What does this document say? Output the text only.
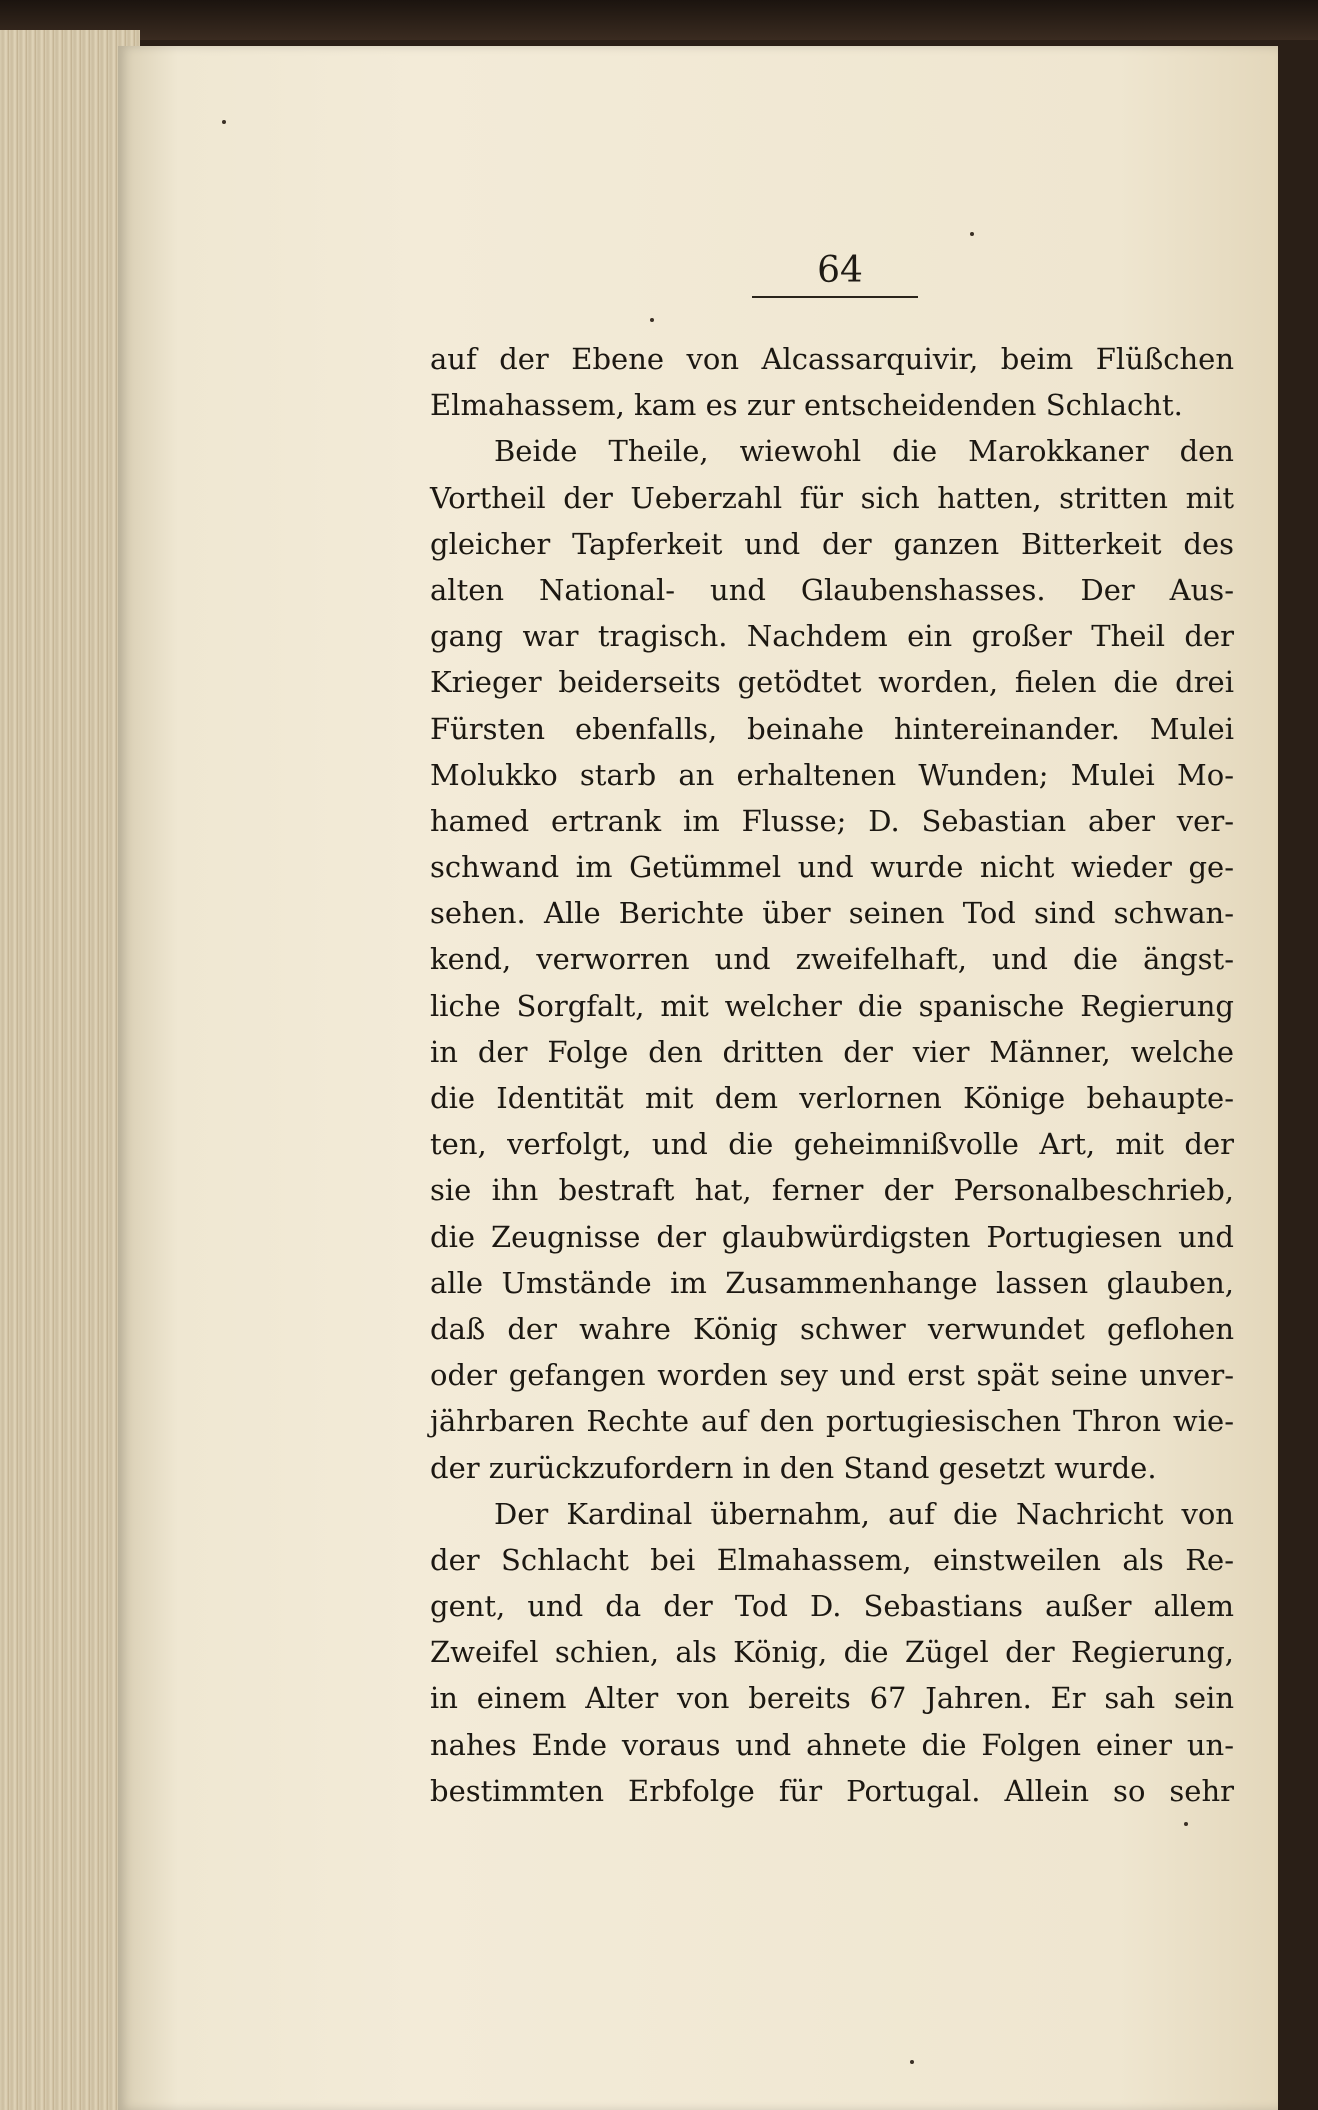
64
auf der Ebene von Alcassarquivir, beim Flüßchen
Elmahassem, kam es zur entscheidenden Schlacht.
Beide Theile, wiewohl die Marokkaner den
Vortheil der Ueberzahl für sich hatten, stritten mit
gleicher Tapferkeit und der ganzen Bitterkeit des
alten National- und Glaubenshasses. Der Aus-
gang war tragisch. Nachdem ein großer Theil der
Krieger beiderseits getödtet worden, fielen die drei
Fürsten ebenfalls, beinahe hintereinander. Mulei
Molukko starb an erhaltenen Wunden; Mulei Mo-
hamed ertrank im Flusse; D. Sebastian aber ver-
schwand im Getümmel und wurde nicht wieder ge-
sehen. Alle Berichte über seinen Tod sind schwan-
kend, verworren und zweifelhaft, und die ängst-
liche Sorgfalt, mit welcher die spanische Regierung
in der Folge den dritten der vier Männer, welche
die Identität mit dem verlornen Könige behaupte-
ten, verfolgt, und die geheimnißvolle Art, mit der
sie ihn bestraft hat, ferner der Personalbeschrieb,
die Zeugnisse der glaubwürdigsten Portugiesen und
alle Umstände im Zusammenhange lassen glauben,
daß der wahre König schwer verwundet geflohen
oder gefangen worden sey und erst spät seine unver-
jährbaren Rechte auf den portugiesischen Thron wie-
der zurückzufordern in den Stand gesetzt wurde.
Der Kardinal übernahm, auf die Nachricht von
der Schlacht bei Elmahassem, einstweilen als Re-
gent, und da der Tod D. Sebastians außer allem
Zweifel schien, als König, die Zügel der Regierung,
in einem Alter von bereits 67 Jahren. Er sah sein
nahes Ende voraus und ahnete die Folgen einer un-
bestimmten Erbfolge für Portugal. Allein so sehr
